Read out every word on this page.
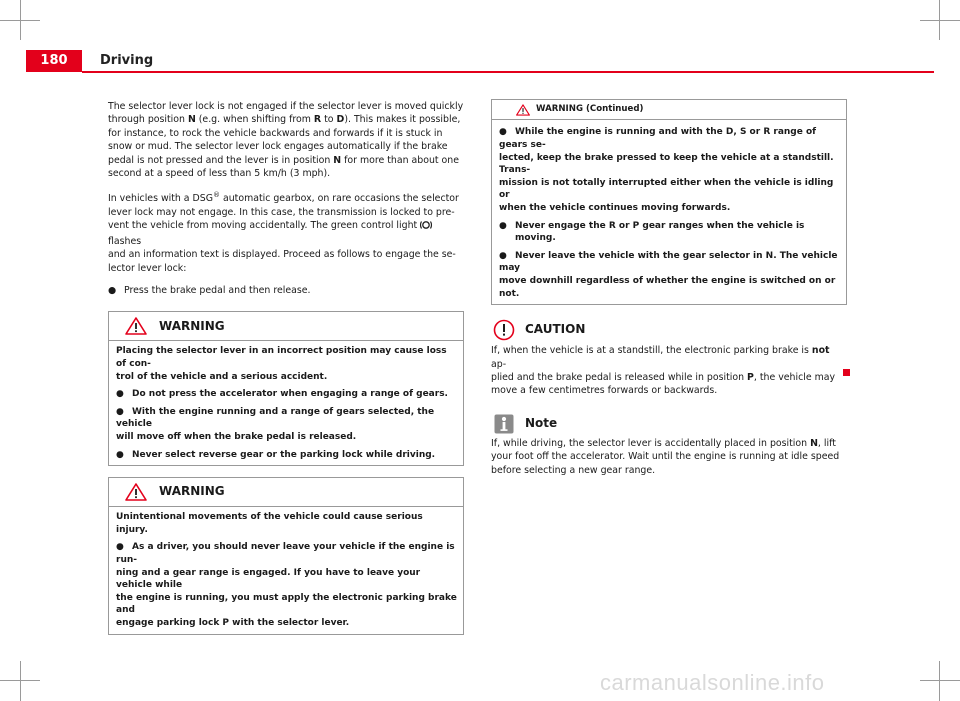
180	Driving

The selector lever lock is not engaged if the selector lever is moved quickly
through position N (e.g. when shifting from R to D). This makes it possible,
for instance, to rock the vehicle backwards and forwards if it is stuck in
snow or mud. The selector lever lock engages automatically if the brake
pedal is not pressed and the lever is in position N for more than about one
second at a speed of less than 5 km/h (3 mph).

In vehicles with a DSG® automatic gearbox, on rare occasions the selector
lever lock may not engage. In this case, the transmission is locked to pre-
vent the vehicle from moving accidentally. The green control light  flashes
and an information text is displayed. Proceed as follows to engage the se-
lector lever lock:

● Press the brake pedal and then release.
WARNING
Placing the selector lever in an incorrect position may cause loss of con-
trol of the vehicle and a serious accident.
● Do not press the accelerator when engaging a range of gears.
● With the engine running and a range of gears selected, the vehicle
will move off when the brake pedal is released.
● Never select reverse gear or the parking lock while driving.
WARNING
Unintentional movements of the vehicle could cause serious injury.
● As a driver, you should never leave your vehicle if the engine is run-
ning and a gear range is engaged. If you have to leave your vehicle while
the engine is running, you must apply the electronic parking brake and
engage parking lock P with the selector lever.
WARNING (Continued)
● While the engine is running and with the D, S or R range of gears se-
lected, keep the brake pressed to keep the vehicle at a standstill. Trans-
mission is not totally interrupted either when the vehicle is idling or
when the vehicle continues moving forwards.
● Never engage the R or P gear ranges when the vehicle is moving.
● Never leave the vehicle with the gear selector in N. The vehicle may
move downhill regardless of whether the engine is switched on or not.
CAUTION
If, when the vehicle is at a standstill, the electronic parking brake is not ap-
plied and the brake pedal is released while in position P, the vehicle may
move a few centimetres forwards or backwards.
Note
If, while driving, the selector lever is accidentally placed in position N, lift
your foot off the accelerator. Wait until the engine is running at idle speed
before selecting a new gear range.
carmanualsonline.info
